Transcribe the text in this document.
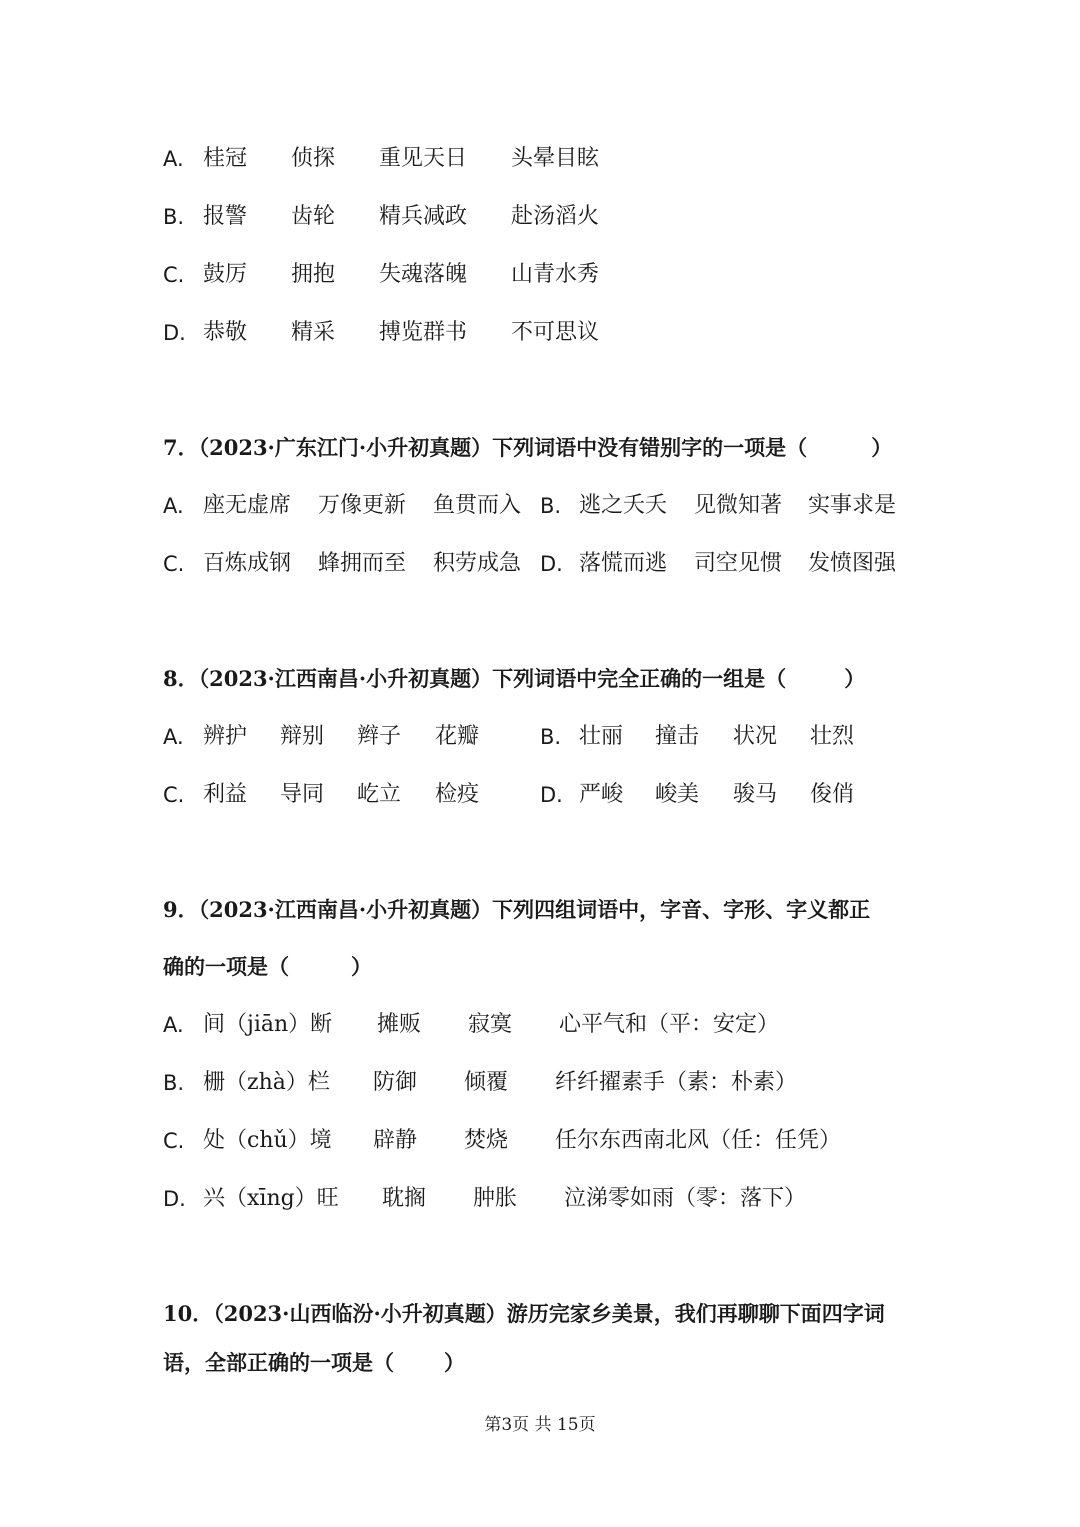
A. 桂冠 侦探 重见天日 头晕目眩
B. 报警 齿轮 精兵减政 赴汤滔火
C. 鼓厉 拥抱 失魂落魄 山青水秀
D. 恭敬 精采 搏览群书 不可思议
7．（2023·广东江门·小升初真题）下列词语中没有错别字的一项是（	）
A. 座无虚席 万像更新 鱼贯而入 B. 逃之夭夭 见微知著 实事求是
C. 百炼成钢 蜂拥而至 积劳成急 D. 落慌而逃 司空见惯 发愤图强
8．（2023·江西南昌·小升初真题）下列词语中完全正确的一组是（	）
A. 辨护 辩别 辫子 花瓣	B. 壮丽 撞击 状况 壮烈
C. 利益 导同 屹立 检疫	D. 严峻 峻美 骏马 俊俏
9．（2023·江西南昌·小升初真题）下列四组词语中，字音、字形、字义都正
确的一项是（	）
A. 间（jiān）断 摊贩 寂寞 心平气和（平：安定）
B. 栅（zhà）栏 防御 倾覆 纤纤擢素手（素：朴素）
C. 处（chǔ）境 辟静 焚烧 任尔东西南北风（任：任凭）
D. 兴（xīng）旺 耽搁 肿胀 泣涕零如雨（零：落下）
10．（2023·山西临汾·小升初真题）游历完家乡美景，我们再聊聊下面四字词
语，全部正确的一项是（ ）
第3页 共 15页
